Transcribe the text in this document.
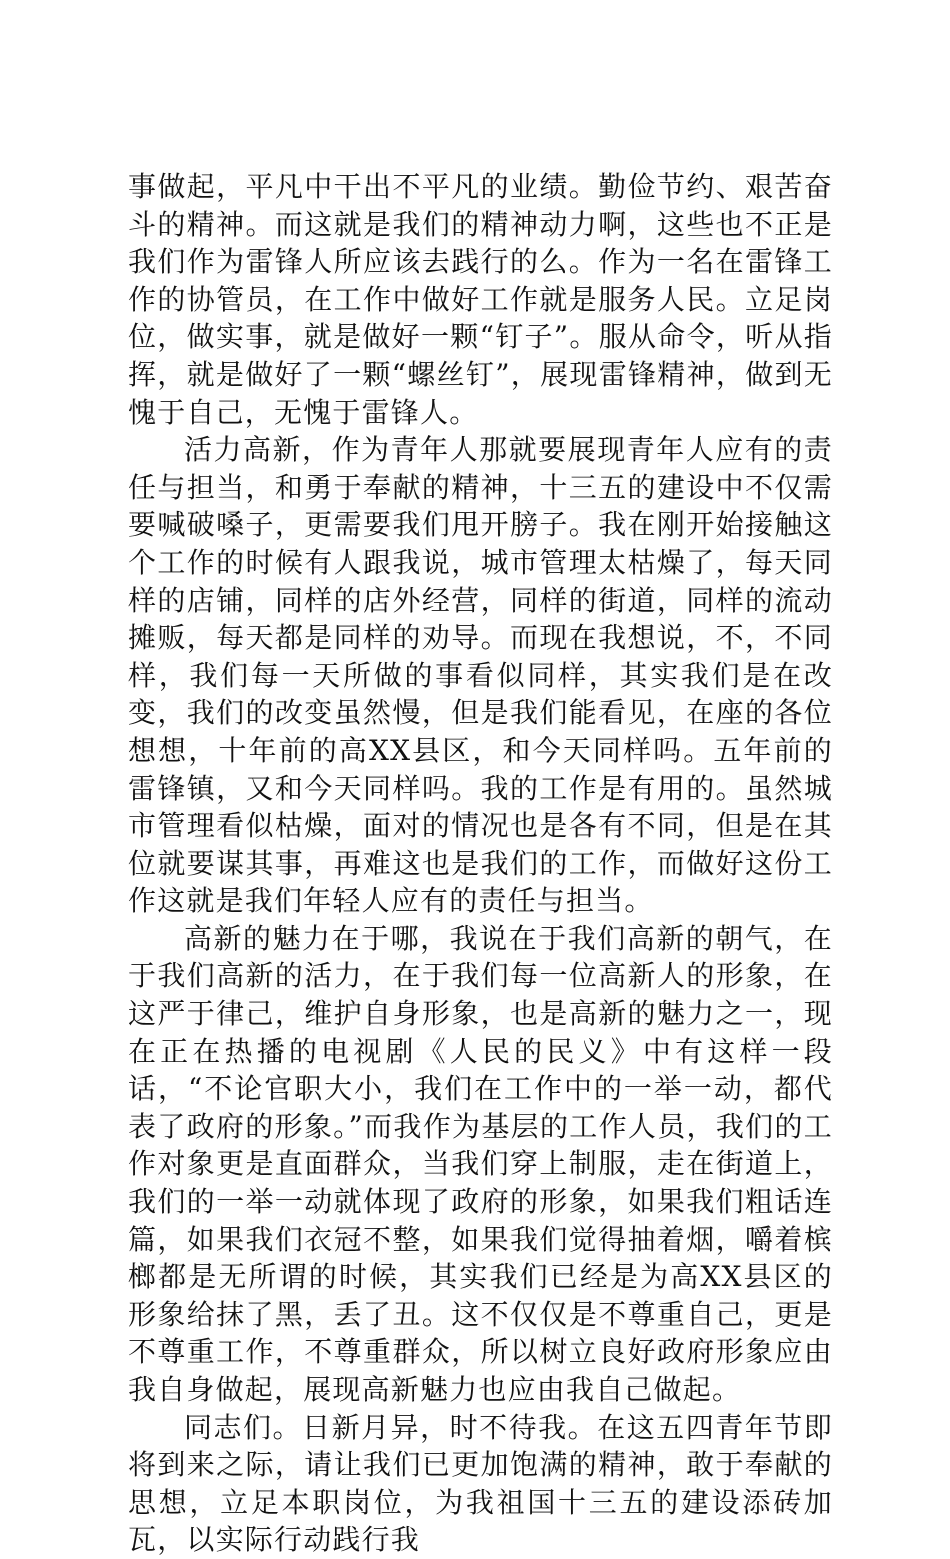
事做起，平凡中干出不平凡的业绩。勤俭节约、艰苦奋斗的精神。而这就是我们的精神动力啊，这些也不正是我们作为雷锋人所应该去践行的么。作为一名在雷锋工作的协管员，在工作中做好工作就是服务人民。立足岗位，做实事，就是做好一颗“钉子”。服从命令，听从指挥，就是做好了一颗“螺丝钉”，展现雷锋精神，做到无愧于自己，无愧于雷锋人。

活力高新，作为青年人那就要展现青年人应有的责任与担当，和勇于奉献的精神，十三五的建设中不仅需要喊破嗓子，更需要我们甩开膀子。我在刚开始接触这个工作的时候有人跟我说，城市管理太枯燥了，每天同样的店铺，同样的店外经营，同样的街道，同样的流动摊贩，每天都是同样的劝导。而现在我想说，不，不同样，我们每一天所做的事看似同样，其实我们是在改变，我们的改变虽然慢，但是我们能看见，在座的各位想想，十年前的高XX县区，和今天同样吗。五年前的雷锋镇，又和今天同样吗。我的工作是有用的。虽然城市管理看似枯燥，面对的情况也是各有不同，但是在其位就要谋其事，再难这也是我们的工作，而做好这份工作这就是我们年轻人应有的责任与担当。

高新的魅力在于哪，我说在于我们高新的朝气，在于我们高新的活力，在于我们每一位高新人的形象，在这严于律己，维护自身形象，也是高新的魅力之一，现在正在热播的电视剧《人民的民义》中有这样一段话，“不论官职大小，我们在工作中的一举一动，都代表了政府的形象。”而我作为基层的工作人员，我们的工作对象更是直面群众，当我们穿上制服，走在街道上，我们的一举一动就体现了政府的形象，如果我们粗话连篇，如果我们衣冠不整，如果我们觉得抽着烟，嚼着槟榔都是无所谓的时候，其实我们已经是为高XX县区的形象给抹了黑，丢了丑。这不仅仅是不尊重自己，更是不尊重工作，不尊重群众，所以树立良好政府形象应由我自身做起，展现高新魅力也应由我自己做起。

同志们。日新月异，时不待我。在这五四青年节即将到来之际，请让我们已更加饱满的精神，敢于奉献的思想，立足本职岗位，为我祖国十三五的建设添砖加瓦，以实际行动践行我
